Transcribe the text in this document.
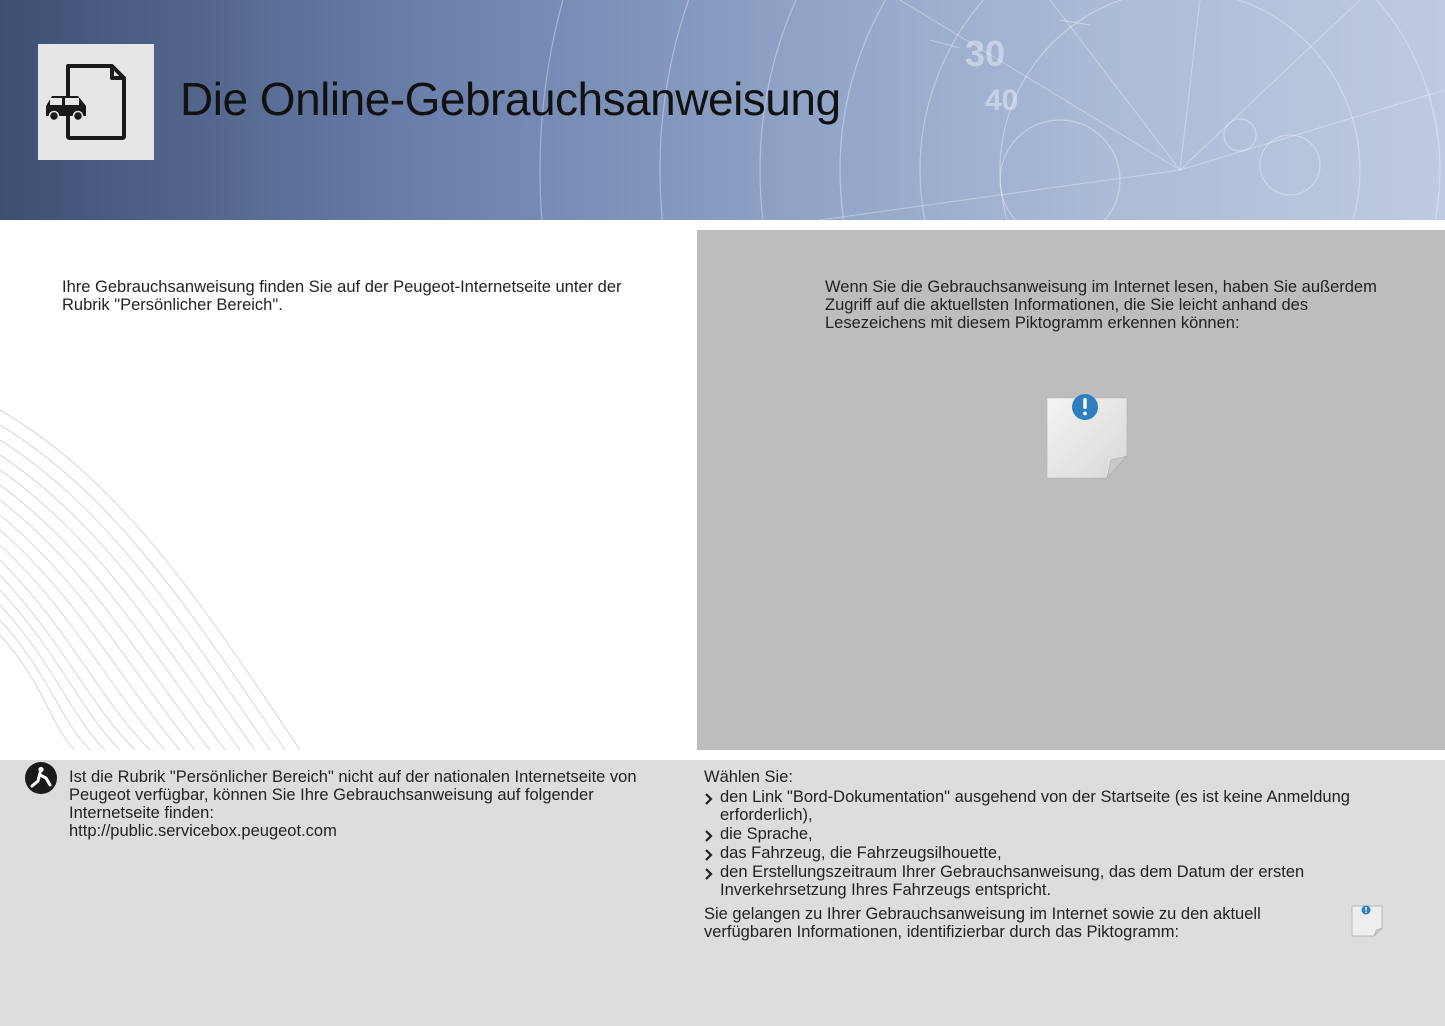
30
40
Die Online-Gebrauchsanweisung
Ihre Gebrauchsanweisung finden Sie auf der Peugeot-Internetseite unter der Rubrik "Persönlicher Bereich".
Wenn Sie die Gebrauchsanweisung im Internet lesen, haben Sie außerdem Zugriff auf die aktuellsten Informationen, die Sie leicht anhand des Lesezeichens mit diesem Piktogramm erkennen können:
Ist die Rubrik "Persönlicher Bereich" nicht auf der nationalen Internetseite von Peugeot verfügbar, können Sie Ihre Gebrauchsanweisung auf folgender Internetseite finden:
http://public.servicebox.peugeot.com

Wählen Sie:

den Link "Bord-Dokumentation" ausgehend von der Startseite (es ist keine Anmeldung erforderlich),
die Sprache,
das Fahrzeug, die Fahrzeugsilhouette,
den Erstellungszeitraum Ihrer Gebrauchsanweisung, das dem Datum der ersten Inverkehrsetzung Ihres Fahrzeugs entspricht.

Sie gelangen zu Ihrer Gebrauchsanweisung im Internet sowie zu den aktuell verfügbaren Informationen, identifizierbar durch das Piktogramm:
